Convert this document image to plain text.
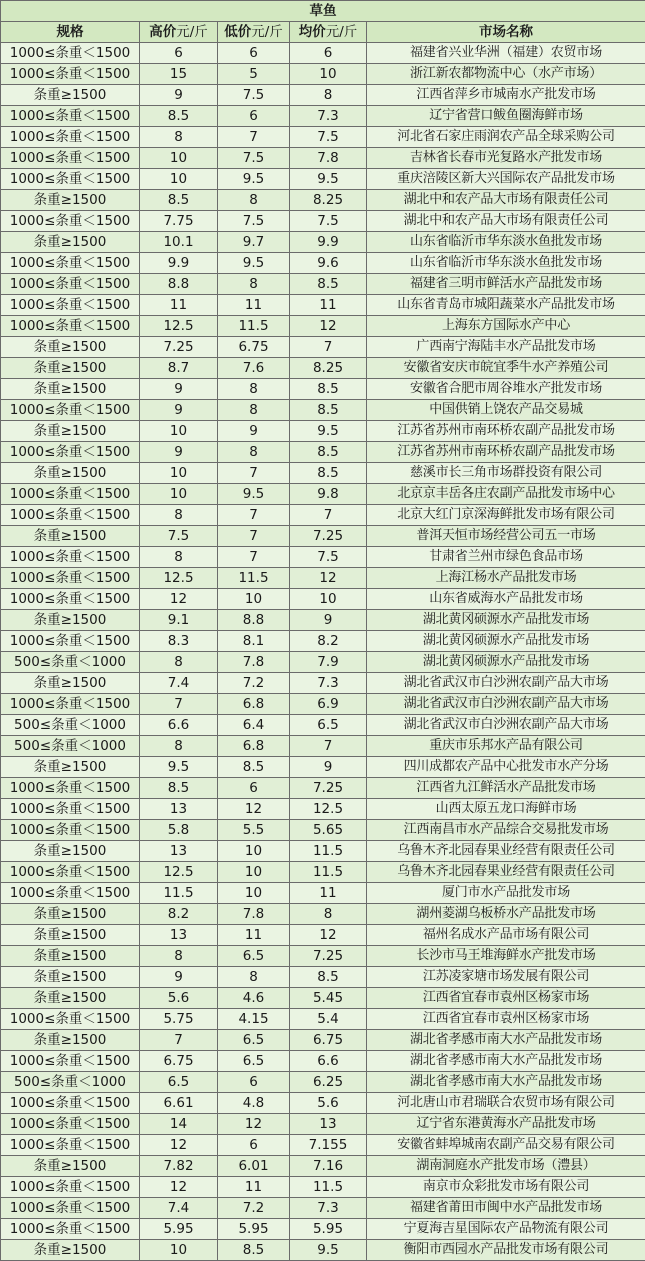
草鱼				
规格	高价元/斤	低价元/斤	均价元/斤	市场名称
1000≤条重＜1500	6	6	6	福建省兴业华洲（福建）农贸市场
1000≤条重＜1500	15	5	10	浙江新农都物流中心（水产市场）
条重≥1500	9	7.5	8	江西省萍乡市城南水产批发市场
1000≤条重＜1500	8.5	6	7.3	辽宁省营口鲅鱼圈海鲜市场
1000≤条重＜1500	8	7	7.5	河北省石家庄雨润农产品全球采购公司
1000≤条重＜1500	10	7.5	7.8	吉林省长春市光复路水产批发市场
1000≤条重＜1500	10	9.5	9.5	重庆涪陵区新大兴国际农产品批发市场
条重≥1500	8.5	8	8.25	湖北中和农产品大市场有限责任公司
1000≤条重＜1500	7.75	7.5	7.5	湖北中和农产品大市场有限责任公司
条重≥1500	10.1	9.7	9.9	山东省临沂市华东淡水鱼批发市场
1000≤条重＜1500	9.9	9.5	9.6	山东省临沂市华东淡水鱼批发市场
1000≤条重＜1500	8.8	8	8.5	福建省三明市鲜活水产品批发市场
1000≤条重＜1500	11	11	11	山东省青岛市城阳蔬菜水产品批发市场
1000≤条重＜1500	12.5	11.5	12	上海东方国际水产中心
条重≥1500	7.25	6.75	7	广西南宁海陆丰水产品批发市场
条重≥1500	8.7	7.6	8.25	安徽省安庆市皖宜季牛水产养殖公司
条重≥1500	9	8	8.5	安徽省合肥市周谷堆水产批发市场
1000≤条重＜1500	9	8	8.5	中国供销上饶农产品交易城
条重≥1500	10	9	9.5	江苏省苏州市南环桥农副产品批发市场
1000≤条重＜1500	9	8	8.5	江苏省苏州市南环桥农副产品批发市场
条重≥1500	10	7	8.5	慈溪市长三角市场群投资有限公司
1000≤条重＜1500	10	9.5	9.8	北京京丰岳各庄农副产品批发市场中心
1000≤条重＜1500	8	7	7	北京大红门京深海鲜批发市场有限公司
条重≥1500	7.5	7	7.25	普洱天恒市场经营公司五一市场
1000≤条重＜1500	8	7	7.5	甘肃省兰州市绿色食品市场
1000≤条重＜1500	12.5	11.5	12	上海江杨水产品批发市场
1000≤条重＜1500	12	10	10	山东省威海水产品批发市场
条重≥1500	9.1	8.8	9	湖北黄冈硕源水产品批发市场
1000≤条重＜1500	8.3	8.1	8.2	湖北黄冈硕源水产品批发市场
500≤条重＜1000	8	7.8	7.9	湖北黄冈硕源水产品批发市场
条重≥1500	7.4	7.2	7.3	湖北省武汉市白沙洲农副产品大市场
1000≤条重＜1500	7	6.8	6.9	湖北省武汉市白沙洲农副产品大市场
500≤条重＜1000	6.6	6.4	6.5	湖北省武汉市白沙洲农副产品大市场
500≤条重＜1000	8	6.8	7	重庆市乐邦水产品有限公司
条重≥1500	9.5	8.5	9	四川成都农产品中心批发市水产分场
1000≤条重＜1500	8.5	6	7.25	江西省九江鲜活水产品批发市场
1000≤条重＜1500	13	12	12.5	山西太原五龙口海鲜市场
1000≤条重＜1500	5.8	5.5	5.65	江西南昌市水产品综合交易批发市场
条重≥1500	13	10	11.5	乌鲁木齐北园春果业经营有限责任公司
1000≤条重＜1500	12.5	10	11.5	乌鲁木齐北园春果业经营有限责任公司
1000≤条重＜1500	11.5	10	11	厦门市水产品批发市场
条重≥1500	8.2	7.8	8	湖州菱湖乌板桥水产品批发市场
条重≥1500	13	11	12	福州名成水产品市场有限公司
条重≥1500	8	6.5	7.25	长沙市马王堆海鲜水产批发市场
条重≥1500	9	8	8.5	江苏凌家塘市场发展有限公司
条重≥1500	5.6	4.6	5.45	江西省宜春市袁州区杨家市场
1000≤条重＜1500	5.75	4.15	5.4	江西省宜春市袁州区杨家市场
条重≥1500	7	6.5	6.75	湖北省孝感市南大水产品批发市场
1000≤条重＜1500	6.75	6.5	6.6	湖北省孝感市南大水产品批发市场
500≤条重＜1000	6.5	6	6.25	湖北省孝感市南大水产品批发市场
1000≤条重＜1500	6.61	4.8	5.6	河北唐山市君瑞联合农贸市场有限公司
1000≤条重＜1500	14	12	13	辽宁省东港黄海水产品批发市场
1000≤条重＜1500	12	6	7.155	安徽省蚌埠城南农副产品交易有限公司
条重≥1500	7.82	6.01	7.16	湖南洞庭水产批发市场（澧县）
1000≤条重＜1500	12	11	11.5	南京市众彩批发市场有限公司
1000≤条重＜1500	7.4	7.2	7.3	福建省莆田市闽中水产品批发市场
1000≤条重＜1500	5.95	5.95	5.95	宁夏海吉星国际农产品物流有限公司
条重≥1500	10	8.5	9.5	衡阳市西园水产品批发市场有限公司
